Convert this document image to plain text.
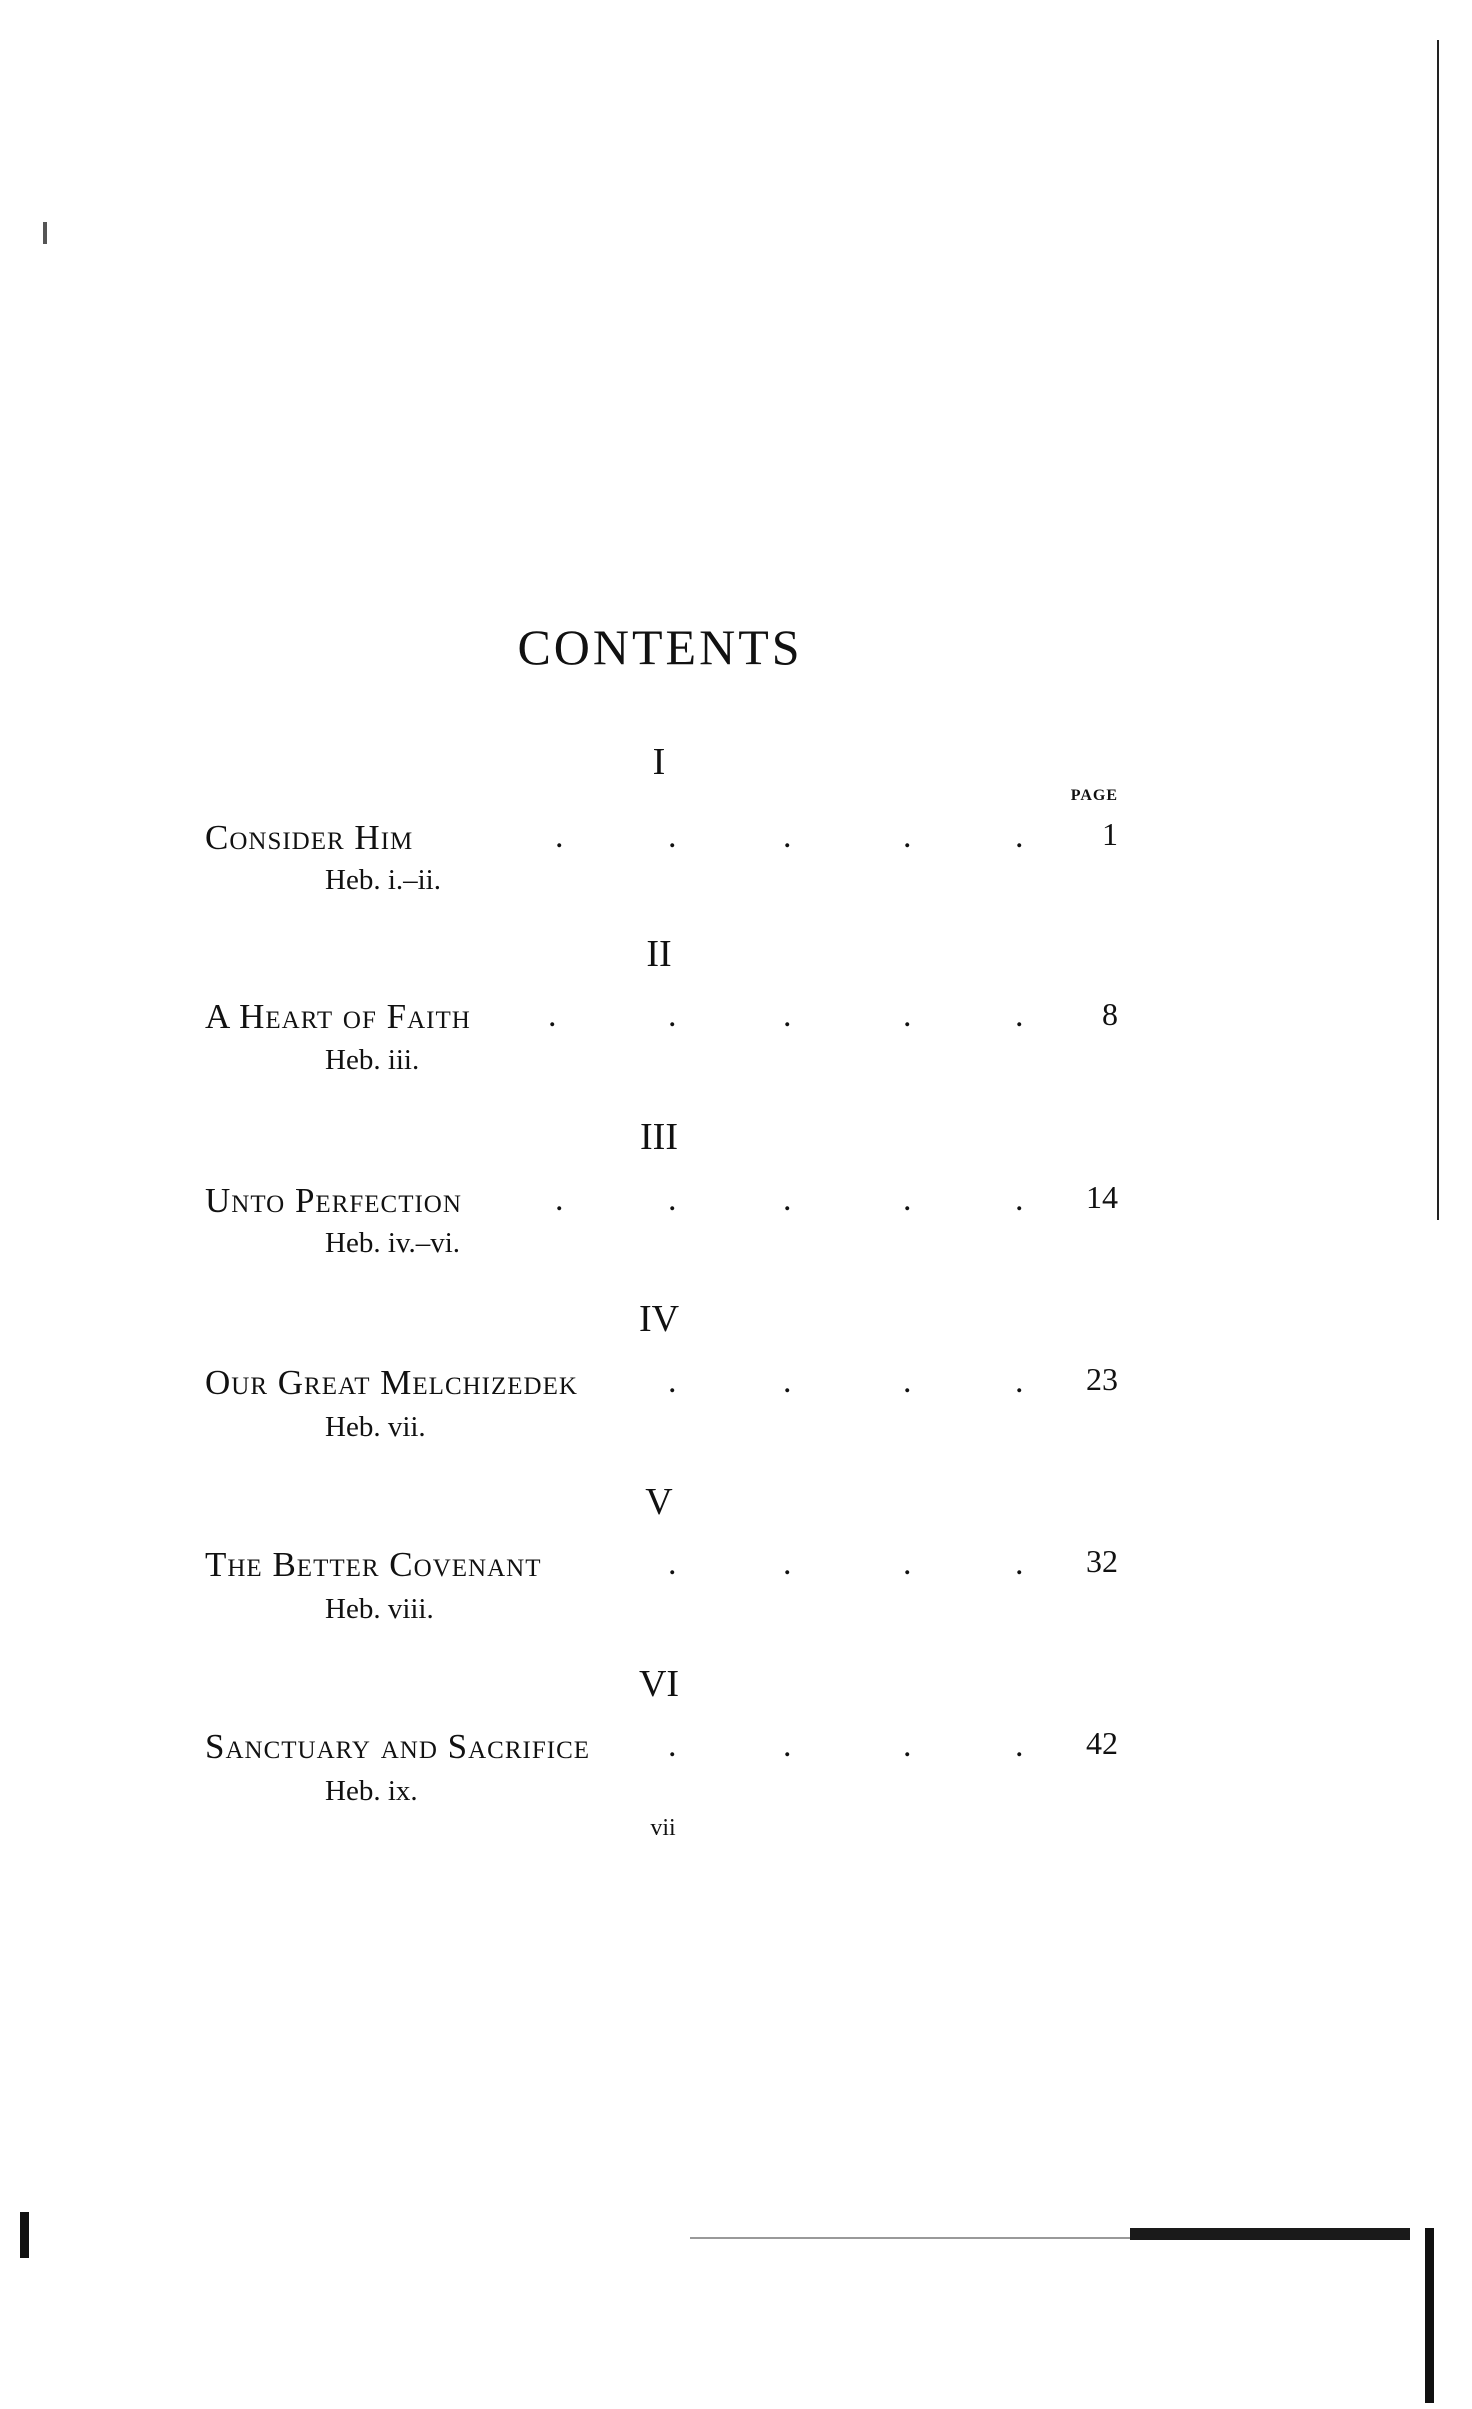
CONTENTS
PAGE
I
Consider Him	.	.	.	.	.	1
Heb. i.–ii.
II
A Heart of Faith .	.	.	.	.	8
Heb. iii.
III
Unto Perfection	.	.	.	.	.	14
Heb. iv.–vi.
IV
Our Great Melchizedek	.	.	.	.	23
Heb. vii.
V
The Better Covenant	.	.	.	.	32
Heb. viii.
VI
Sanctuary and Sacrifice .	.	.	.	42
Heb. ix.
vii
